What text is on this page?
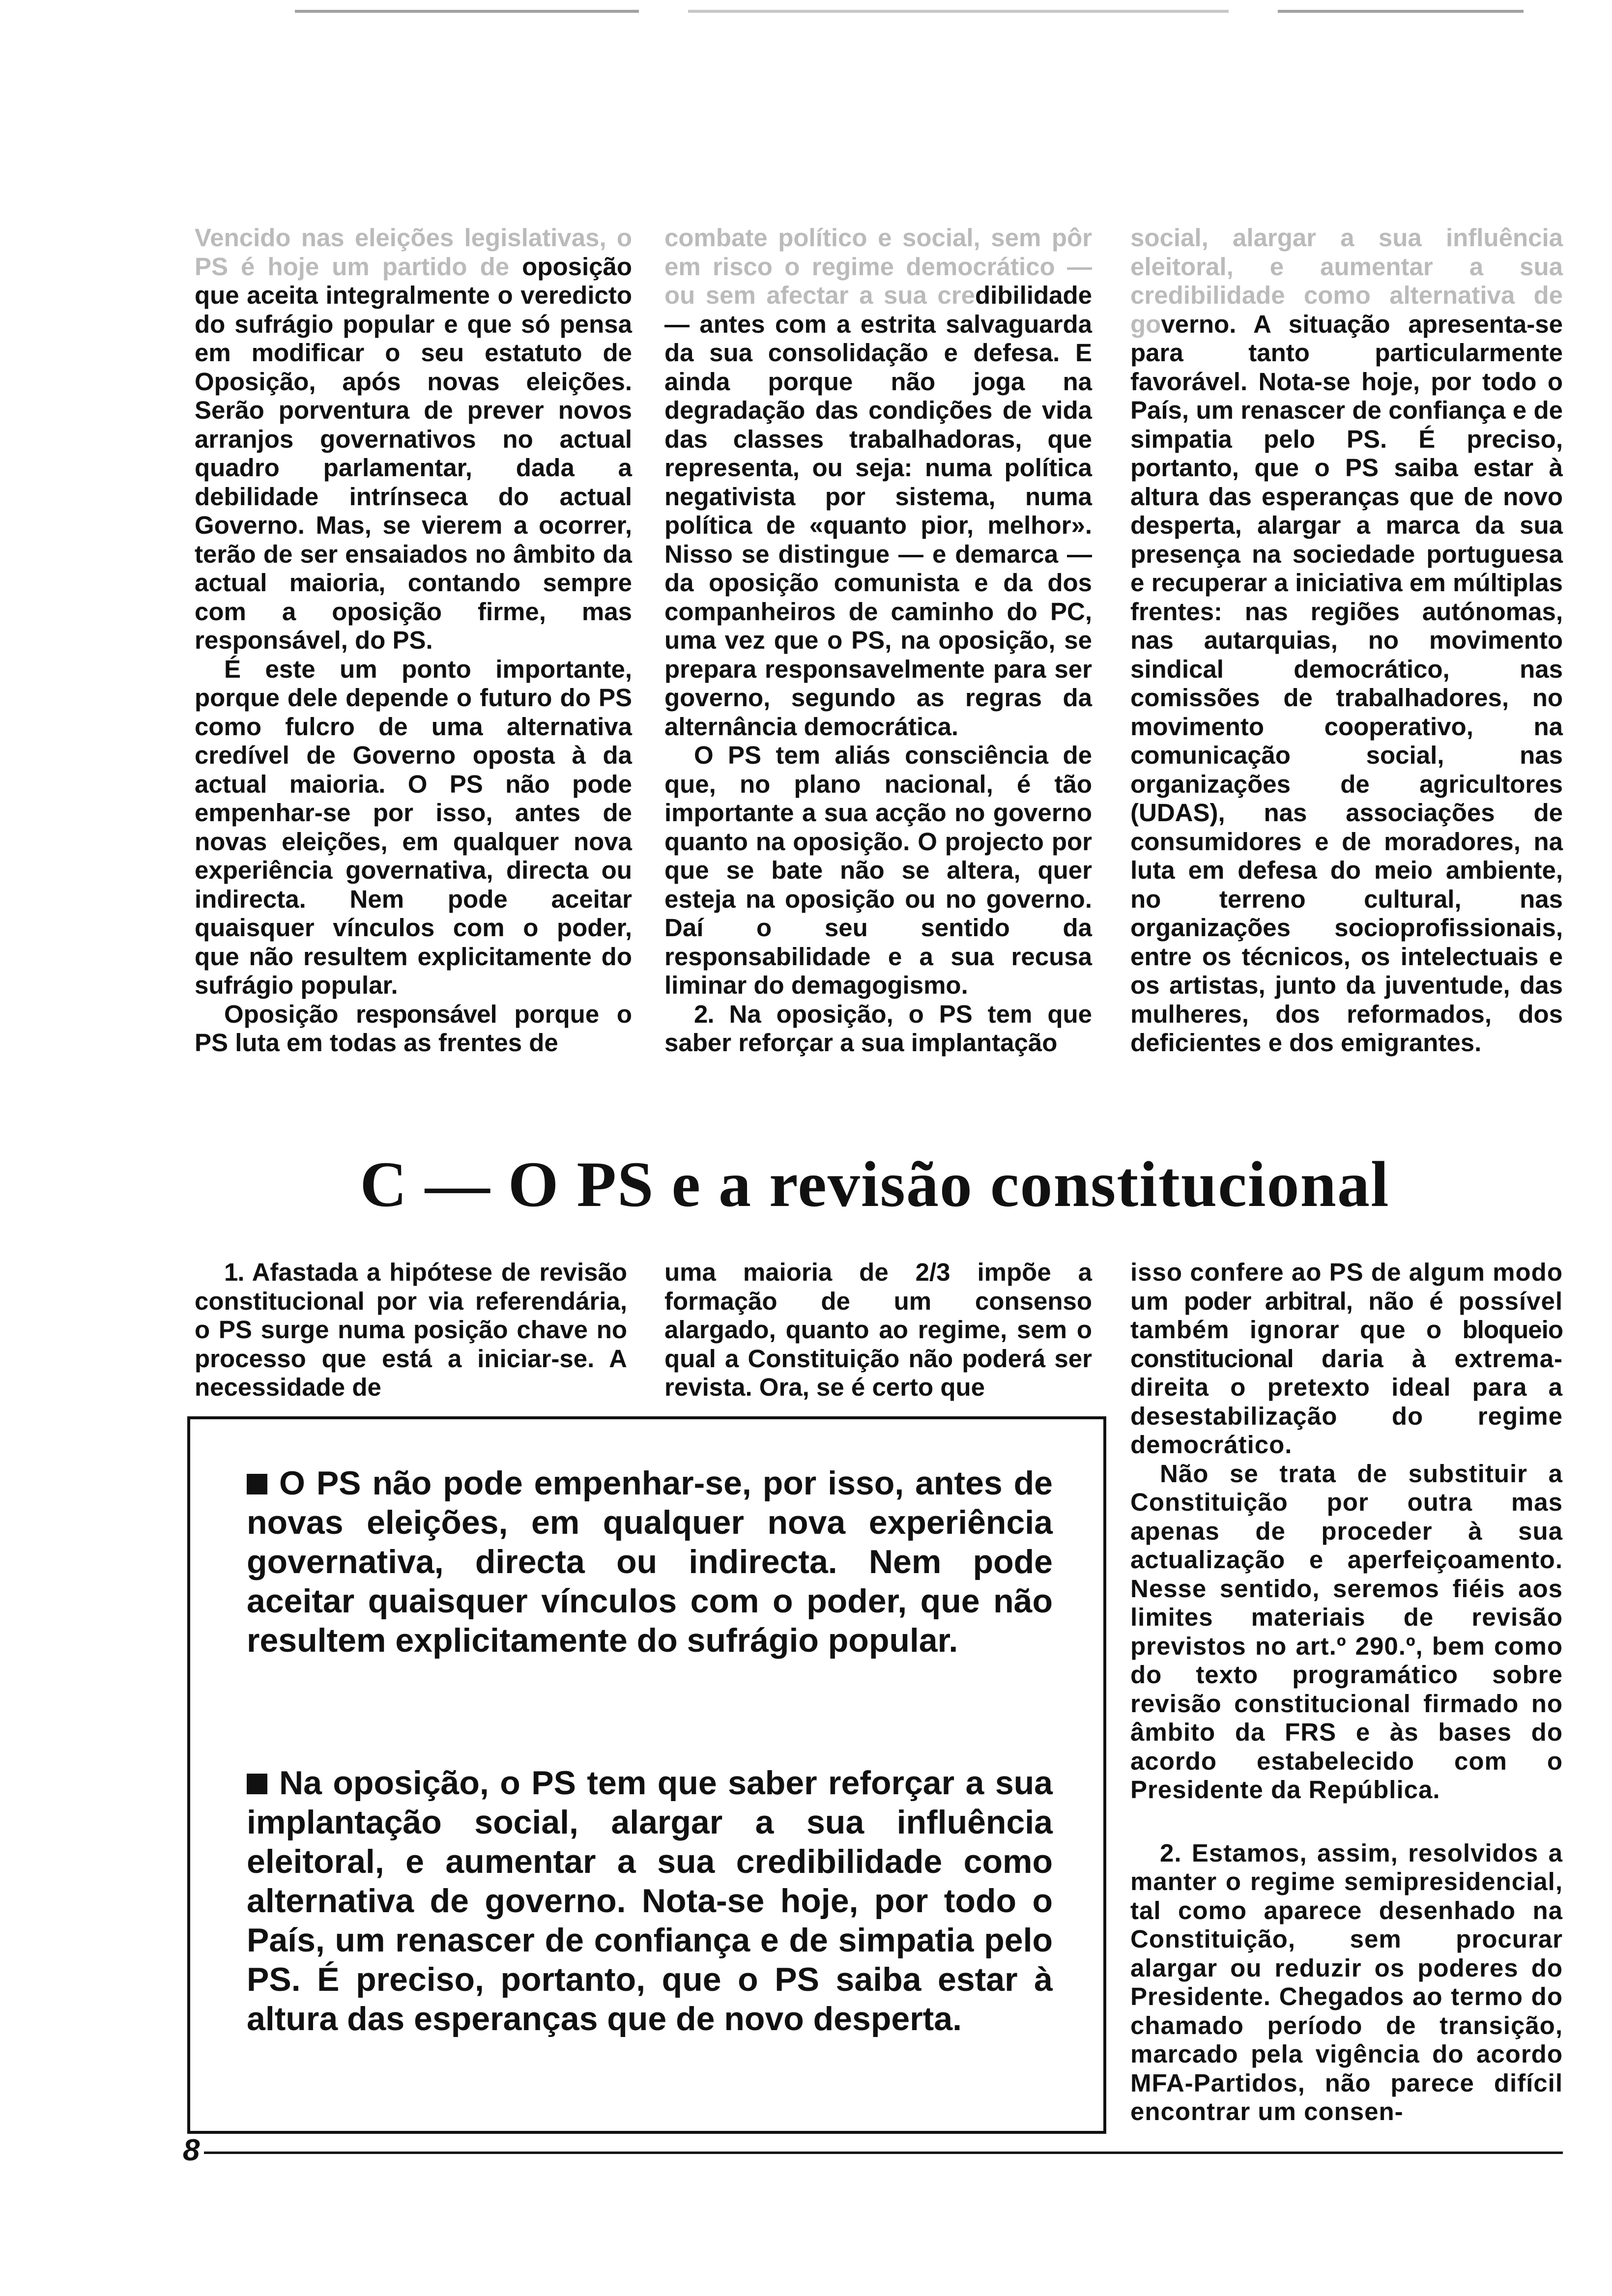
Vencido nas eleições legislativas, o PS é hoje um partido de oposição que aceita integralmente o veredicto do sufrágio popular e que só pensa em modificar o seu estatuto de Oposição, após novas eleições. Serão porventura de prever novos arranjos governativos no actual quadro parlamentar, dada a debilidade intrínseca do actual Governo. Mas, se vierem a ocorrer, terão de ser ensaiados no âmbito da actual maioria, contando sempre com a oposição firme, mas responsável, do PS.

É este um ponto importante, porque dele depende o futuro do PS como fulcro de uma alternativa credível de Governo oposta à da actual maioria. O PS não pode empenhar-se por isso, antes de novas eleições, em qualquer nova experiência governativa, directa ou indirecta. Nem pode aceitar quaisquer vínculos com o poder, que não resultem explicitamente do sufrágio popular.

Oposição responsável porque o PS luta em todas as frentes de

combate político e social, sem pôr em risco o regime democrático — ou sem afectar a sua credibilidade — antes com a estrita salvaguarda da sua consolidação e defesa. E ainda porque não joga na degradação das condições de vida das classes trabalhadoras, que representa, ou seja: numa política negativista por sistema, numa política de «quanto pior, melhor». Nisso se distingue — e demarca — da oposição comunista e da dos companheiros de caminho do PC, uma vez que o PS, na oposição, se prepara responsavelmente para ser governo, segundo as regras da alternância democrática.

O PS tem aliás consciência de que, no plano nacional, é tão importante a sua acção no governo quanto na oposição. O projecto por que se bate não se altera, quer esteja na oposição ou no governo. Daí o seu sentido da responsabilidade e a sua recusa liminar do demagogismo.

2. Na oposição, o PS tem que saber reforçar a sua implantação

social, alargar a sua influência eleitoral, e aumentar a sua credibilidade como alternativa de governo. A situação apresenta-se para tanto particularmente favorável. Nota-se hoje, por todo o País, um renascer de confiança e de simpatia pelo PS. É preciso, portanto, que o PS saiba estar à altura das esperanças que de novo desperta, alargar a marca da sua presença na sociedade portuguesa e recuperar a iniciativa em múltiplas frentes: nas regiões autónomas, nas autarquias, no movimento sindical democrático, nas comissões de trabalhadores, no movimento cooperativo, na comunicação social, nas organizações de agricultores (UDAS), nas associações de consumidores e de moradores, na luta em defesa do meio ambiente, no terreno cultural, nas organizações socioprofissionais, entre os técnicos, os intelectuais e os artistas, junto da juventude, das mulheres, dos reformados, dos deficientes e dos emigrantes.

C — O PS e a revisão constitucional

1. Afastada a hipótese de revisão constitucional por via referendária, o PS surge numa posição chave no processo que está a iniciar-se. A necessidade de

uma maioria de 2/3 impõe a formação de um consenso alargado, quanto ao regime, sem o qual a Constituição não poderá ser revista. Ora, se é certo que

isso confere ao PS de algum modo um poder arbitral, não é possível também ignorar que o bloqueio constitucional daria à extrema-direita o pretexto ideal para a desestabilização do regime democrático.

Não se trata de substituir a Constituição por outra mas apenas de proceder à sua actualização e aperfeiçoamento. Nesse sentido, seremos fiéis aos limites materiais de revisão previstos no art.º 290.º, bem como do texto programático sobre revisão constitucional firmado no âmbito da FRS e às bases do acordo estabelecido com o Presidente da República.

2. Estamos, assim, resolvidos a manter o regime semipresidencial, tal como aparece desenhado na Constituição, sem procurar alargar ou reduzir os poderes do Presidente. Chegados ao termo do chamado período de transição, marcado pela vigência do acordo MFA-Partidos, não parece difícil encontrar um consen-

O PS não pode empenhar-se, por isso, antes de novas eleições, em qualquer nova experiência governativa, directa ou indirecta. Nem pode aceitar quaisquer vínculos com o poder, que não resultem explicitamente do sufrágio popular.
Na oposição, o PS tem que saber reforçar a sua implantação social, alargar a sua influência eleitoral, e aumentar a sua credibilidade como alternativa de governo. Nota-se hoje, por todo o País, um renascer de confiança e de simpatia pelo PS. É preciso, portanto, que o PS saiba estar à altura das esperanças que de novo desperta.
8
